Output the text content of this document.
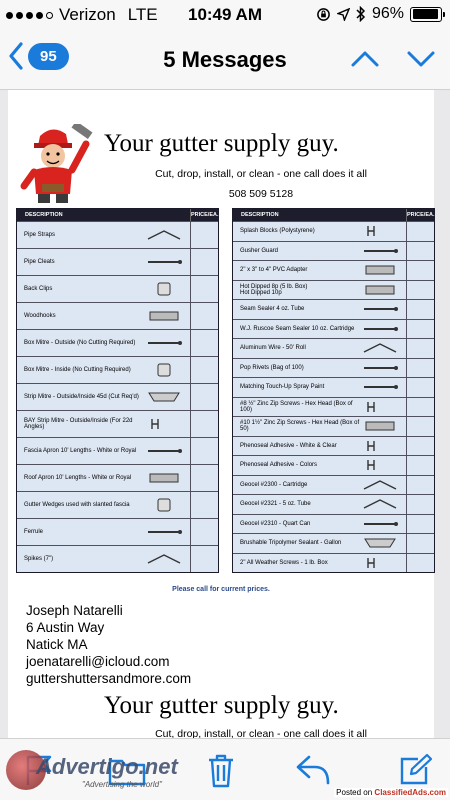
Verizon LTE	10:49 AM	96%
95	5 Messages
Your gutter supply guy.
Cut, drop, install, or clean - one call does it all
508 509 5128
DESCRIPTION	PRICE/EA.
Pipe Straps
Pipe Cleats
Back Clips
Woodhooks
Box Mitre - Outside (No Cutting Required)
Box Mitre - Inside (No Cutting Required)
Strip Mitre - Outside/Inside 45d (Cut Req'd)
BAY Strip Mitre - Outside/Inside (For 22d Angles)
Fascia Apron 10' Lengths - White or Royal
Roof Apron 10' Lengths - White or Royal
Gutter Wedges used with slanted fascia
Ferrule
Spikes (7")
DESCRIPTION	PRICE/EA.
Splash Blocks (Polystyrene)
Gusher Guard
2" x 3" to 4" PVC Adapter
Hot Dipped 8p (5 lb. Box)
Hot Dipped 10p
Seam Sealer 4 oz. Tube
W.J. Ruscoe Seam Sealer 10 oz. Cartridge
Aluminum Wire - 50' Roll
Pop Rivets (Bag of 100)
Matching Touch-Up Spray Paint
#8 ½" Zinc Zip Screws - Hex Head (Box of 100)
#10 1½" Zinc Zip Screws - Hex Head (Box of 50)
Phenoseal Adhesive - White & Clear
Phenoseal Adhesive - Colors
Geocel #2300 - Cartridge
Geocel #2321 - 5 oz. Tube
Geocel #2310 - Quart Can
Brushable Tripolymer Sealant - Gallon
2" All Weather Screws - 1 lb. Box
Please call for current prices.
Joseph Natarelli
6 Austin Way
Natick MA
joenatarelli@icloud.com
guttershuttersandmore.com
Your gutter supply guy.
Cut, drop, install, or clean - one call does it all
Advertigo.net
"Advertising the world"
Posted on ClassifiedAds.com
